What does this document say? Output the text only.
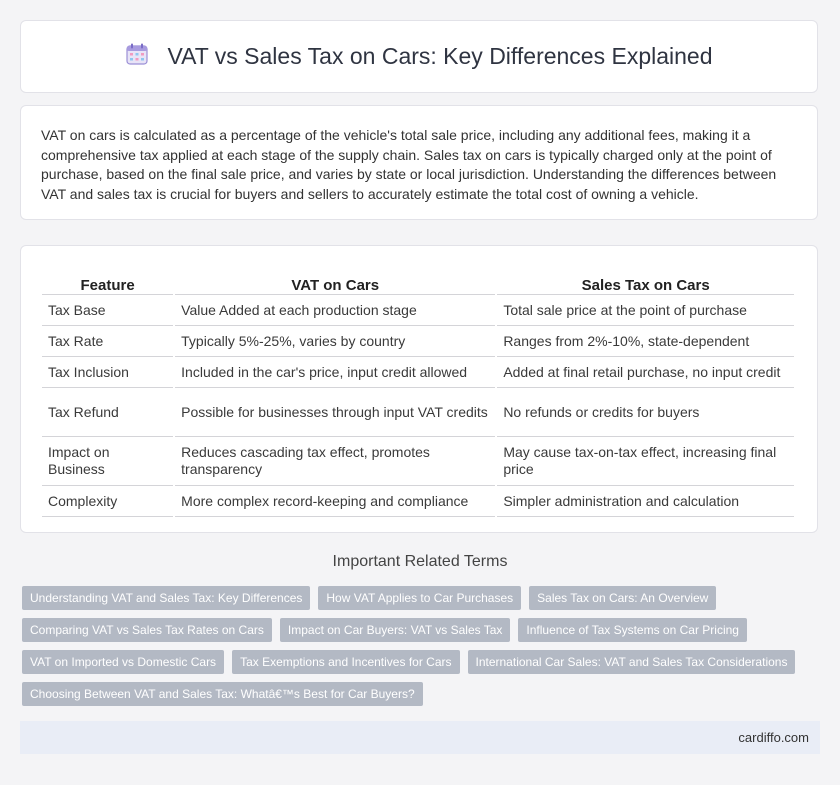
VAT vs Sales Tax on Cars: Key Differences Explained

VAT on cars is calculated as a percentage of the vehicle's total sale price, including any additional fees, making it a comprehensive tax applied at each stage of the supply chain. Sales tax on cars is typically charged only at the point of purchase, based on the final sale price, and varies by state or local jurisdiction. Understanding the differences between VAT and sales tax is crucial for buyers and sellers to accurately estimate the total cost of owning a vehicle.

Feature	VAT on Cars	Sales Tax on Cars
Tax Base	Value Added at each production stage	Total sale price at the point of purchase
Tax Rate	Typically 5%-25%, varies by country	Ranges from 2%-10%, state-dependent
Tax Inclusion	Included in the car's price, input credit allowed	Added at final retail purchase, no input credit
Tax Refund	Possible for businesses through input VAT credits	No refunds or credits for buyers
Impact on Business	Reduces cascading tax effect, promotes transparency	May cause tax-on-tax effect, increasing final price
Complexity	More complex record-keeping and compliance	Simpler administration and calculation
Important Related Terms
Understanding VAT and Sales Tax: Key Differences	How VAT Applies to Car Purchases	Sales Tax on Cars: An Overview
Comparing VAT vs Sales Tax Rates on Cars	Impact on Car Buyers: VAT vs Sales Tax	Influence of Tax Systems on Car Pricing
VAT on Imported vs Domestic Cars	Tax Exemptions and Incentives for Cars	International Car Sales: VAT and Sales Tax Considerations
Choosing Between VAT and Sales Tax: Whatâ€™s Best for Car Buyers?
cardiffo.com
